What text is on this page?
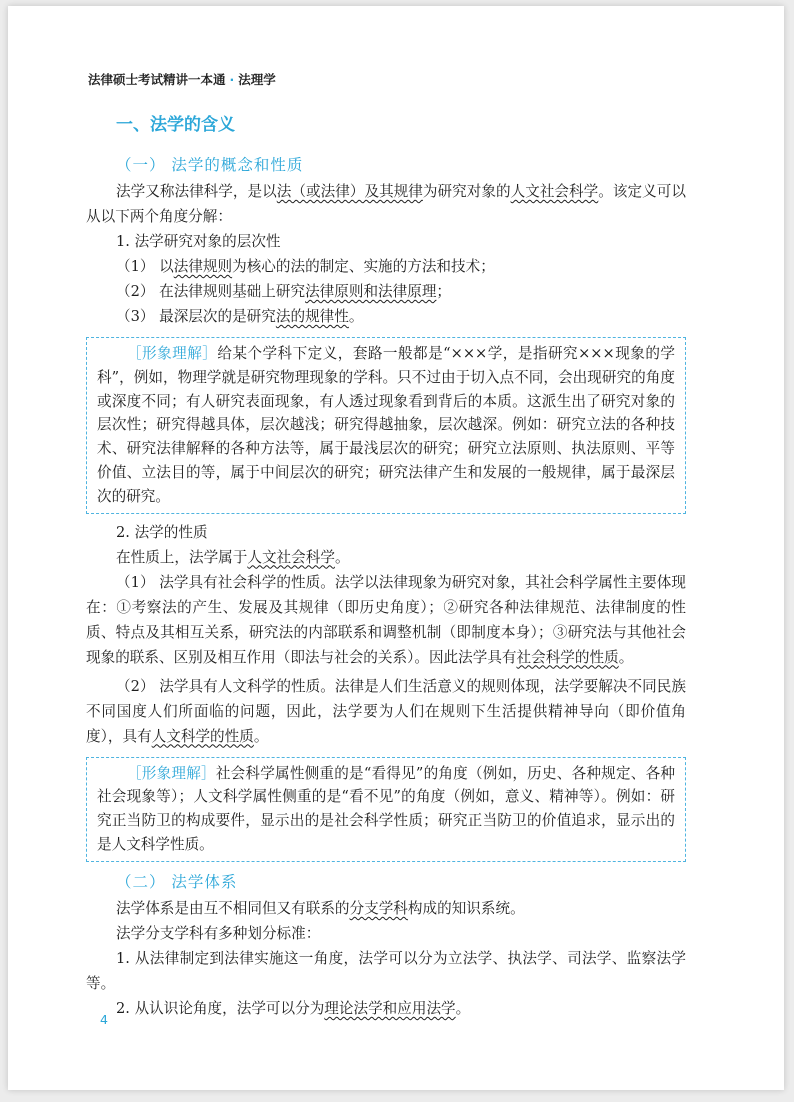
法律硕士考试精讲一本通 · 法理学
一、法学的含义
（一） 法学的概念和性质

法学又称法律科学，是以法（或法律）及其规律为研究对象的人文社会科学。该定义可以从以下两个角度分解：

1. 法学研究对象的层次性

（1） 以法律规则为核心的法的制定、实施的方法和技术；

（2） 在法律规则基础上研究法律原则和法律原理；

（3） 最深层次的是研究法的规律性。

［形象理解］给某个学科下定义，套路一般都是“×××学，是指研究×××现象的学科”，例如，物理学就是研究物理现象的学科。只不过由于切入点不同，会出现研究的角度或深度不同；有人研究表面现象，有人透过现象看到背后的本质。这派生出了研究对象的层次性；研究得越具体，层次越浅；研究得越抽象，层次越深。例如：研究立法的各种技术、研究法律解释的各种方法等，属于最浅层次的研究；研究立法原则、执法原则、平等价值、立法目的等，属于中间层次的研究；研究法律产生和发展的一般规律，属于最深层次的研究。

2. 法学的性质

在性质上，法学属于人文社会科学。

（1） 法学具有社会科学的性质。法学以法律现象为研究对象，其社会科学属性主要体现在：①考察法的产生、发展及其规律（即历史角度）；②研究各种法律规范、法律制度的性质、特点及其相互关系，研究法的内部联系和调整机制（即制度本身）；③研究法与其他社会现象的联系、区别及相互作用（即法与社会的关系）。因此法学具有社会科学的性质。

（2） 法学具有人文科学的性质。法律是人们生活意义的规则体现，法学要解决不同民族不同国度人们所面临的问题，因此，法学要为人们在规则下生活提供精神导向（即价值角度），具有人文科学的性质。

［形象理解］社会科学属性侧重的是“看得见”的角度（例如，历史、各种规定、各种社会现象等）；人文科学属性侧重的是“看不见”的角度（例如，意义、精神等）。例如：研究正当防卫的构成要件，显示出的是社会科学性质；研究正当防卫的价值追求，显示出的是人文科学性质。

（二） 法学体系

法学体系是由互不相同但又有联系的分支学科构成的知识系统。

法学分支学科有多种划分标准：

1. 从法律制定到法律实施这一角度，法学可以分为立法学、执法学、司法学、监察法学等。

2. 从认识论角度，法学可以分为理论法学和应用法学。

4
